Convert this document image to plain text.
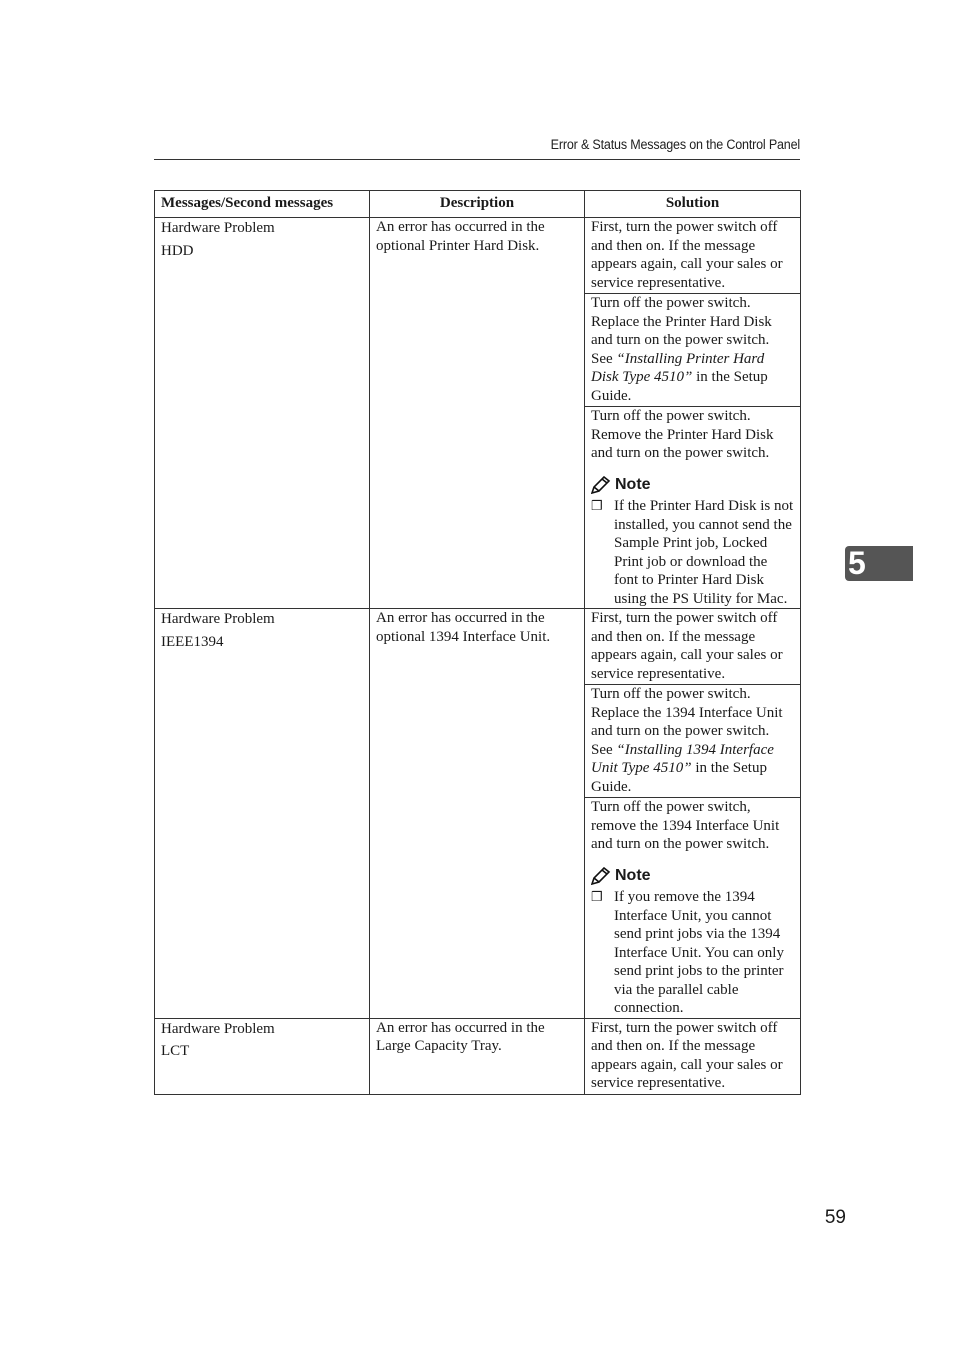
Error & Status Messages on the Control Panel
Messages/Second messages	Description	Solution

Hardware Problem
HDD	An error has occurred in the optional Printer Hard Disk.	First, turn the power switch off and then on. If the message appears again, call your sales or service representative.
		Turn off the power switch. Replace the Printer Hard Disk and turn on the power switch. See “Installing Printer Hard Disk Type 4510” in the Setup Guide.

		Turn off the power switch. Remove the Printer Hard Disk and turn on the power switch.
Note
❒ If the Printer Hard Disk is not installed, you cannot send the Sample Print job, Locked Print job or download the font to Printer Hard Disk using the PS Utility for Mac.

Hardware Problem
IEEE1394	An error has occurred in the optional 1394 Interface Unit.	First, turn the power switch off and then on. If the message appears again, call your sales or service representative.
		Turn off the power switch. Replace the 1394 Interface Unit and turn on the power switch. See “Installing 1394 Interface Unit Type 4510” in the Setup Guide.

		Turn off the power switch, remove the 1394 Interface Unit and turn on the power switch.
Note
❒ If you remove the 1394 Interface Unit, you cannot send print jobs via the 1394 Interface Unit. You can only send print jobs to the printer via the parallel cable connection.

Hardware Problem
LCT	An error has occurred in the Large Capacity Tray.	First, turn the power switch off and then on. If the message appears again, call your sales or service representative.
5
59
